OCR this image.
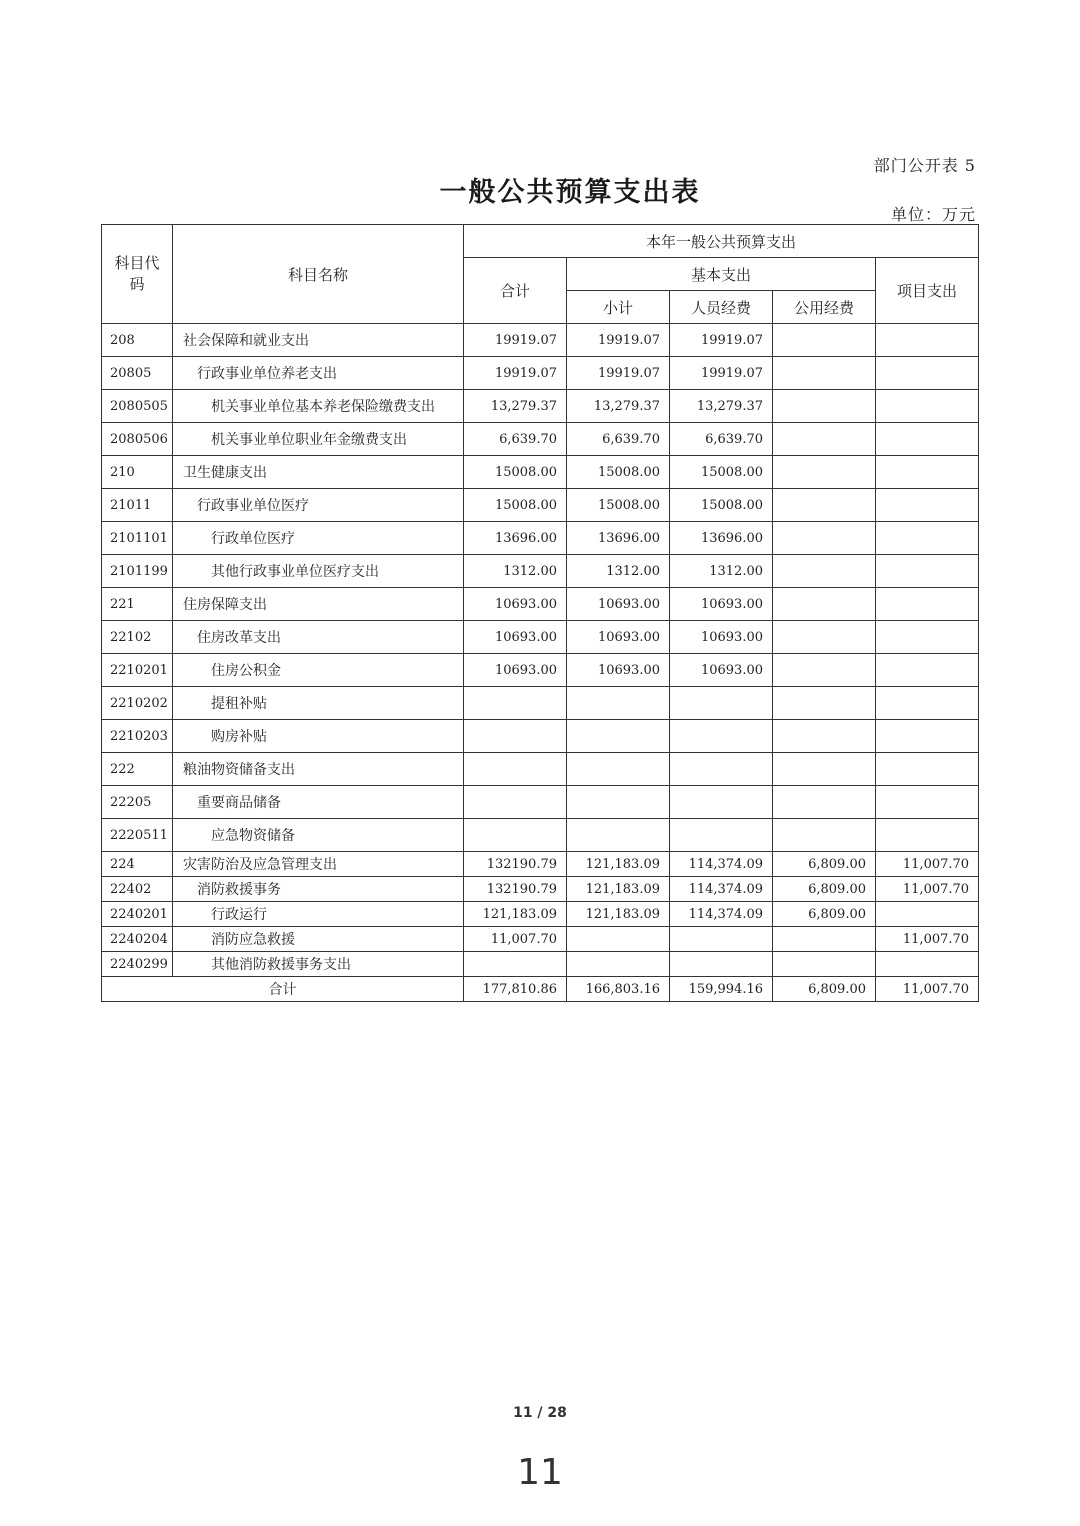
部门公开表 5
一般公共预算支出表
单位：万元
科目代码	科目名称	本年一般公共预算支出				
		合计	基本支出			项目支出
			小计	人员经费	公用经费	
208	社会保障和就业支出	19919.07	19919.07	19919.07		
20805	行政事业单位养老支出	19919.07	19919.07	19919.07		
2080505	机关事业单位基本养老保险缴费支出	13,279.37	13,279.37	13,279.37		
2080506	机关事业单位职业年金缴费支出	6,639.70	6,639.70	6,639.70		
210	卫生健康支出	15008.00	15008.00	15008.00		
21011	行政事业单位医疗	15008.00	15008.00	15008.00		
2101101	行政单位医疗	13696.00	13696.00	13696.00		
2101199	其他行政事业单位医疗支出	1312.00	1312.00	1312.00		
221	住房保障支出	10693.00	10693.00	10693.00		
22102	住房改革支出	10693.00	10693.00	10693.00		
2210201	住房公积金	10693.00	10693.00	10693.00		
2210202	提租补贴					
2210203	购房补贴					
222	粮油物资储备支出					
22205	重要商品储备					
2220511	应急物资储备					
224	灾害防治及应急管理支出	132190.79	121,183.09	114,374.09	6,809.00	11,007.70
22402	消防救援事务	132190.79	121,183.09	114,374.09	6,809.00	11,007.70
2240201	行政运行	121,183.09	121,183.09	114,374.09	6,809.00	
2240204	消防应急救援	11,007.70				11,007.70
2240299	其他消防救援事务支出					
合计		177,810.86	166,803.16	159,994.16	6,809.00	11,007.70
11 / 28
11
